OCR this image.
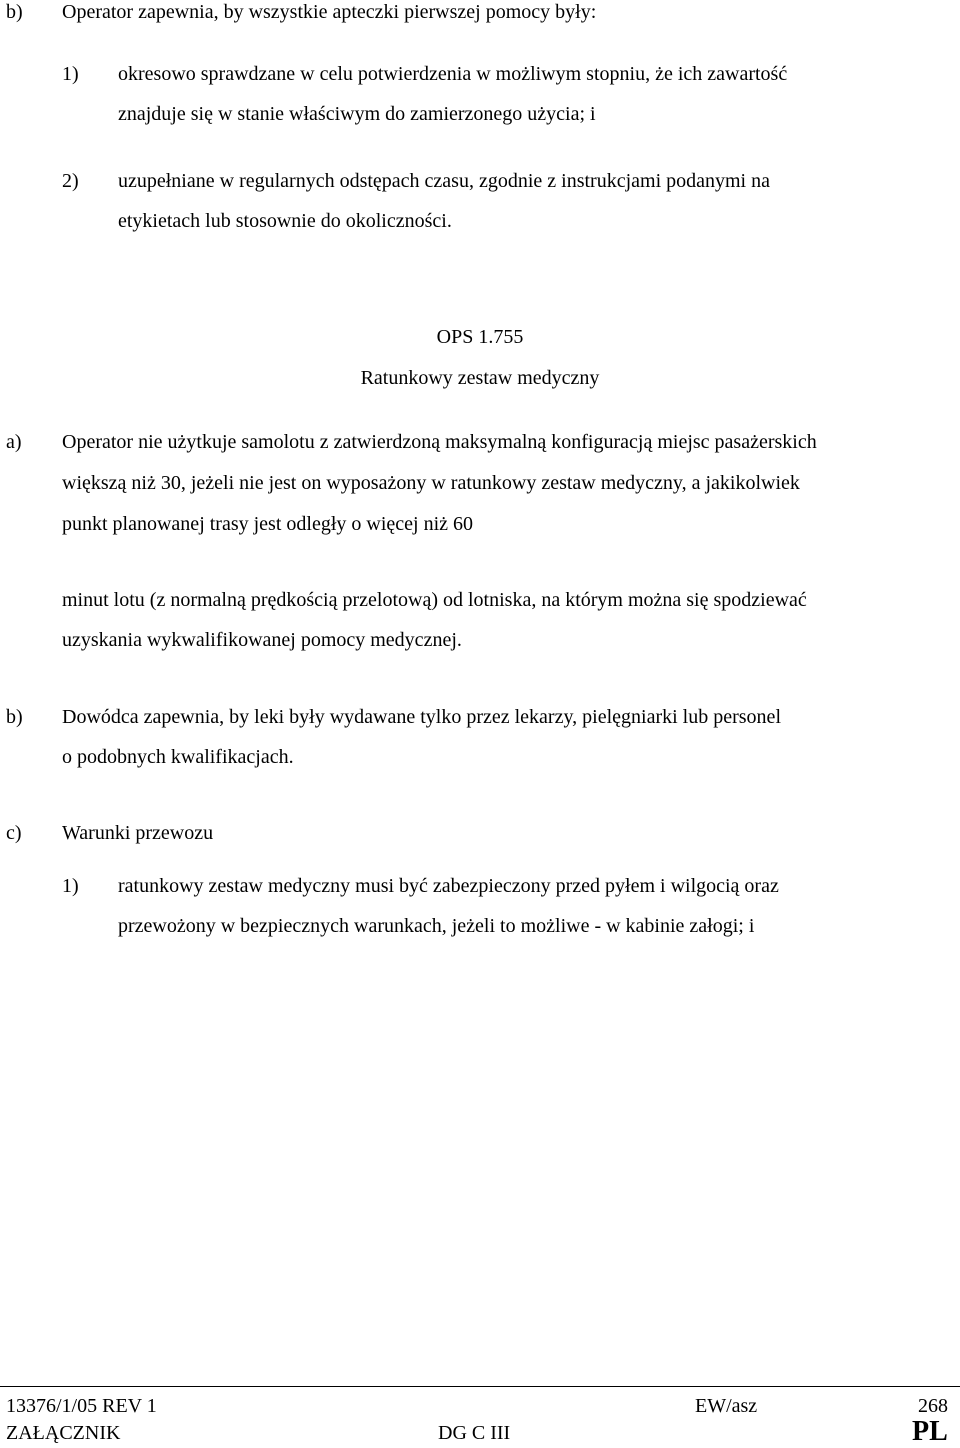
b) Operator zapewnia, by wszystkie apteczki pierwszej pomocy były:
1) okresowo sprawdzane w celu potwierdzenia w możliwym stopniu, że ich zawartość
znajduje się w stanie właściwym do zamierzonego użycia; i
2) uzupełniane w regularnych odstępach czasu, zgodnie z instrukcjami podanymi na
etykietach lub stosownie do okoliczności.
OPS 1.755
Ratunkowy zestaw medyczny
a) Operator nie użytkuje samolotu z zatwierdzoną maksymalną konfiguracją miejsc pasażerskich
większą niż 30, jeżeli nie jest on wyposażony w ratunkowy zestaw medyczny, a jakikolwiek
punkt planowanej trasy jest odległy o więcej niż 60
minut lotu (z normalną prędkością przelotową) od lotniska, na którym można się spodziewać
uzyskania wykwalifikowanej pomocy medycznej.
b) Dowódca zapewnia, by leki były wydawane tylko przez lekarzy, pielęgniarki lub personel
o podobnych kwalifikacjach.
c) Warunki przewozu
1) ratunkowy zestaw medyczny musi być zabezpieczony przed pyłem i wilgocią oraz
przewożony w bezpiecznych warunkach, jeżeli to możliwe - w kabinie załogi; i
13376/1/05 REV 1	EW/asz	268
ZAŁĄCZNIK	DG C III	PL
